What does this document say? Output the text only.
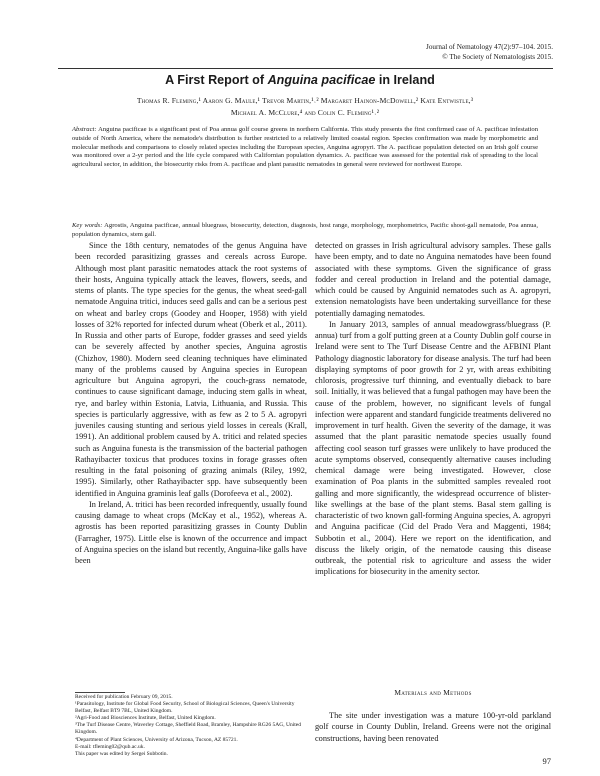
Journal of Nematology 47(2):97–104. 2015.
© The Society of Nematologists 2015.
A First Report of Anguina pacificae in Ireland
Thomas R. Fleming,¹ Aaron G. Maule,¹ Trevor Martin,¹˒² Margaret Hainon-McDowell,² Kate Entwistle,³
Michael A. McClure,⁴ and Colin C. Fleming¹˒²
Abstract: Anguina pacificae is a significant pest of Poa annua golf course greens in northern California. This study presents the first confirmed case of A. pacificae infestation outside of North America, where the nematode's distribution is further restricted to a relatively limited coastal region. Species confirmation was made by morphometric and molecular methods and comparisons to closely related species including the European species, Anguina agropyri. The A. pacificae population detected on an Irish golf course was monitored over a 2-yr period and the life cycle compared with Californian population dynamics. A. pacificae was assessed for the potential risk of spreading to the local agricultural sector, in addition, the biosecurity risks from A. pacificae and plant parasitic nematodes in general were reviewed for northwest Europe.
Key words: Agrostis, Anguina pacificae, annual bluegrass, biosecurity, detection, diagnosis, host range, morphology, morphometrics, Pacific shoot-gall nematode, Poa annua, population dynamics, stem gall.

Since the 18th century, nematodes of the genus Anguina have been recorded parasitizing grasses and cereals across Europe. Although most plant parasitic nematodes attack the root systems of their hosts, Anguina typically attack the leaves, flowers, seeds, and stems of plants. The type species for the genus, the wheat seed-gall nematode Anguina tritici, induces seed galls and can be a serious pest on wheat and barley crops (Goodey and Hooper, 1958) with yield losses of 32% reported for infected durum wheat (Oberk et al., 2011). In Russia and other parts of Europe, fodder grasses and seed yields can be severely affected by another species, Anguina agrostis (Chizhov, 1980). Modern seed cleaning techniques have eliminated many of the problems caused by Anguina species in European agriculture but Anguina agropyri, the couch-grass nematode, continues to cause significant damage, inducing stem galls in wheat, rye, and barley within Estonia, Latvia, Lithuania, and Russia. This species is particularly aggressive, with as few as 2 to 5 A. agropyri juveniles causing stunting and serious yield losses in cereals (Krall, 1991). An additional problem caused by A. tritici and related species such as Anguina funesta is the transmission of the bacterial pathogen Rathayibacter toxicus that produces toxins in forage grasses often resulting in the fatal poisoning of grazing animals (Riley, 1992, 1995). Similarly, other Rathayibacter spp. have subsequently been identified in Anguina graminis leaf galls (Dorofeeva et al., 2002).

In Ireland, A. tritici has been recorded infrequently, usually found causing damage to wheat crops (McKay et al., 1952), whereas A. agrostis has been reported parasitizing grasses in County Dublin (Farragher, 1975). Little else is known of the occurrence and impact of Anguina species on the island but recently, Anguina-like galls have been

Received for publication February 09, 2015.
¹Parasitology, Institute for Global Food Security, School of Biological Sciences, Queen's University Belfast, Belfast BT9 7BL, United Kingdom.
²Agri-Food and Biosciences Institute, Belfast, United Kingdom.
³The Turf Disease Centre, Waverley Cottage, Sheffield Road, Bramley, Hampshire RG26 5AG, United Kingdom.
⁴Department of Plant Sciences, University of Arizona, Tucson, AZ 85721.
E-mail: tfleming02@qub.ac.uk.
This paper was edited by Sergei Subbotin.

detected on grasses in Irish agricultural advisory samples. These galls have been empty, and to date no Anguina nematodes have been found associated with these symptoms. Given the significance of grass fodder and cereal production in Ireland and the potential damage, which could be caused by Anguinid nematodes such as A. agropyri, extension nematologists have been undertaking surveillance for these potentially damaging nematodes.

In January 2013, samples of annual meadowgrass/bluegrass (P. annua) turf from a golf putting green at a County Dublin golf course in Ireland were sent to The Turf Disease Centre and the AFBINI Plant Pathology diagnostic laboratory for disease analysis. The turf had been displaying symptoms of poor growth for 2 yr, with areas exhibiting chlorosis, progressive turf thinning, and eventually dieback to bare soil. Initially, it was believed that a fungal pathogen may have been the cause of the problem, however, no significant levels of fungal infection were apparent and standard fungicide treatments delivered no improvement in turf health. Given the severity of the damage, it was assumed that the plant parasitic nematode species usually found affecting cool season turf grasses were unlikely to have produced the acute symptoms observed, consequently alternative causes including chemical damage were being investigated. However, close examination of Poa plants in the submitted samples revealed root galling and more significantly, the widespread occurrence of blister-like swellings at the base of the plant stems. Basal stem galling is characteristic of two known gall-forming Anguina species, A. agropyri and Anguina pacificae (Cid del Prado Vera and Maggenti, 1984; Subbotin et al., 2004). Here we report on the identification, and discuss the likely origin, of the nematode causing this disease outbreak, the potential risk to agriculture and assess the wider implications for biosecurity in the amenity sector.

Materials and Methods

The site under investigation was a mature 100-yr-old parkland golf course in County Dublin, Ireland. Greens were not the original constructions, having been renovated

97
